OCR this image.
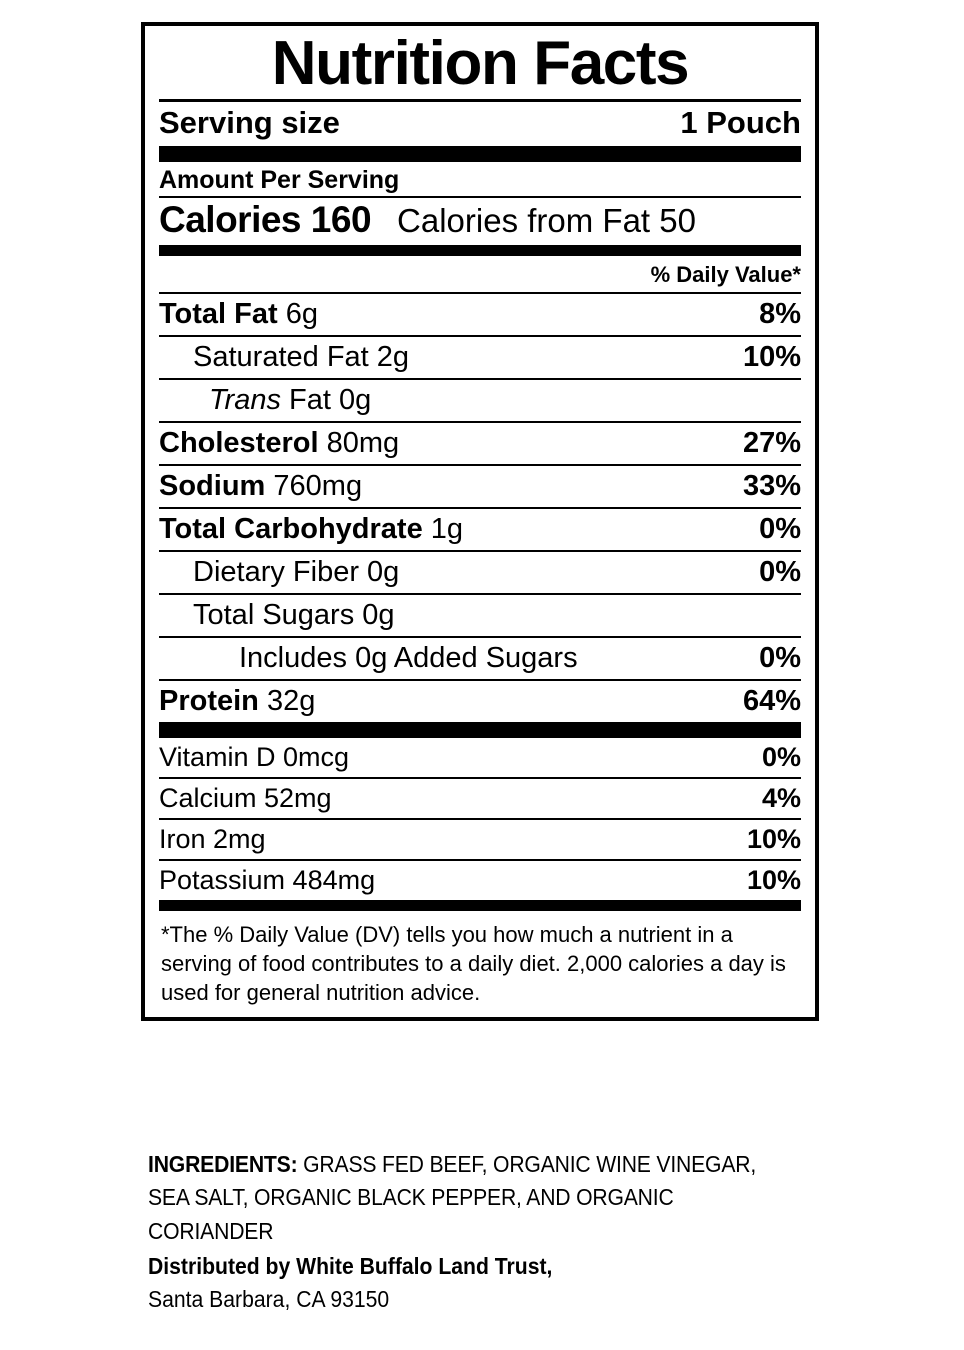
Nutrition Facts
Serving size	1 Pouch
Amount Per Serving
Calories 160 Calories from Fat 50
% Daily Value*
Total Fat 6g	8%
Saturated Fat 2g	10%
Trans Fat 0g
Cholesterol 80mg	27%
Sodium 760mg	33%
Total Carbohydrate 1g	0%
Dietary Fiber 0g	0%
Total Sugars 0g
Includes 0g Added Sugars	0%
Protein 32g	64%
Vitamin D 0mcg	0%
Calcium 52mg	4%
Iron 2mg	10%
Potassium 484mg	10%
*The % Daily Value (DV) tells you how much a nutrient in a serving of food contributes to a daily diet. 2,000 calories a day is used for general nutrition advice.
INGREDIENTS: GRASS FED BEEF, ORGANIC WINE VINEGAR, SEA SALT, ORGANIC BLACK PEPPER, AND ORGANIC CORIANDER
Distributed by White Buffalo Land Trust,
Santa Barbara, CA 93150
